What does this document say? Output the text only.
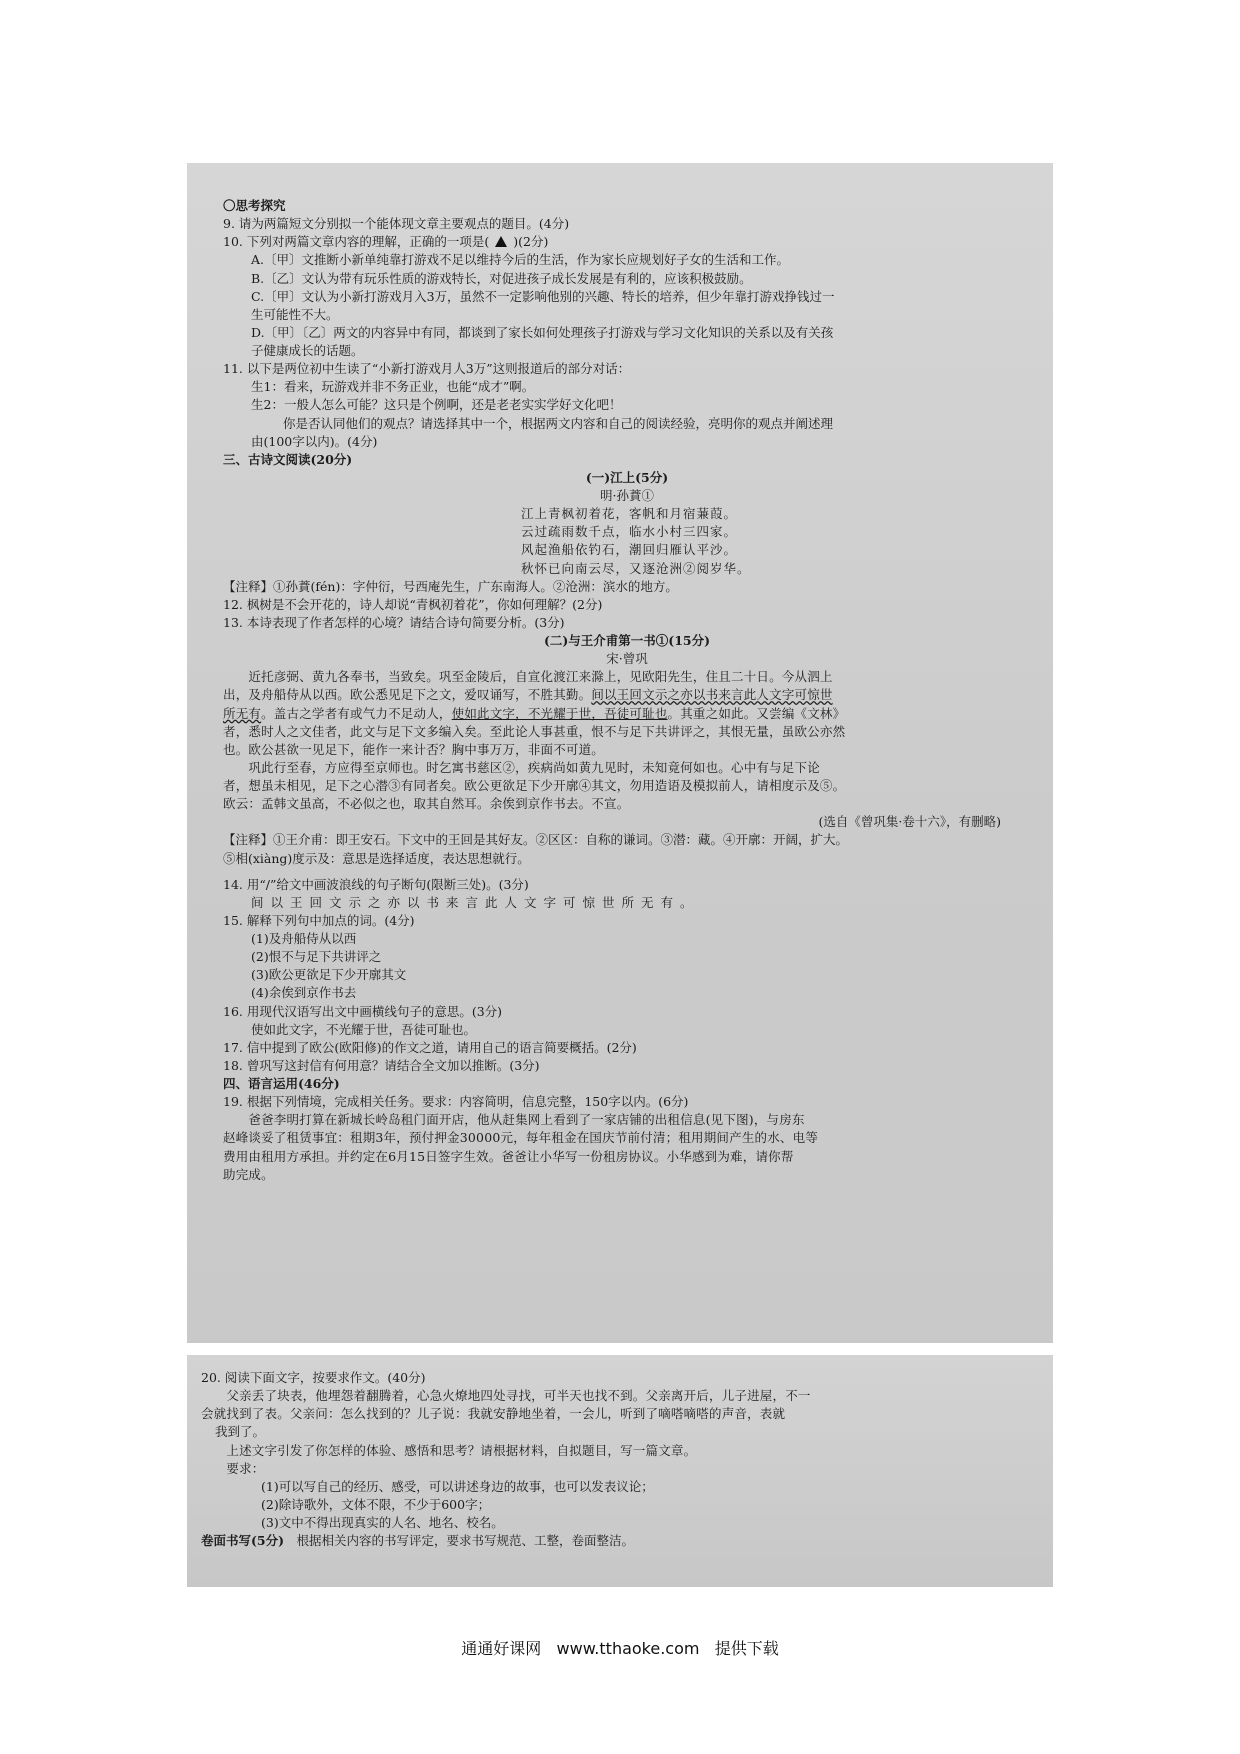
〇思考探究

9. 请为两篇短文分别拟一个能体现文章主要观点的题目。(4分)

10. 下列对两篇文章内容的理解，正确的一项是( )(2分)

A.〔甲〕文推断小新单纯靠打游戏不足以维持今后的生活，作为家长应规划好子女的生活和工作。

B.〔乙〕文认为带有玩乐性质的游戏特长，对促进孩子成长发展是有利的，应该积极鼓励。

C.〔甲〕文认为小新打游戏月入3万，虽然不一定影响他别的兴趣、特长的培养，但少年靠打游戏挣钱过一

生可能性不大。

D.〔甲〕〔乙〕两文的内容异中有同，都谈到了家长如何处理孩子打游戏与学习文化知识的关系以及有关孩

子健康成长的话题。

11. 以下是两位初中生读了“小新打游戏月人3万”这则报道后的部分对话：

生1：看来，玩游戏并非不务正业，也能“成才”啊。

生2：一般人怎么可能？这只是个例啊，还是老老实实学好文化吧！

你是否认同他们的观点？请选择其中一个，根据两文内容和自己的阅读经验，亮明你的观点并阐述理

由(100字以内)。(4分)

三、古诗文阅读(20分)

(一)江上(5分)

明·孙蕡①

江上青枫初着花，客帆和月宿蒹葭。

云过疏雨数千点，临水小村三四家。

风起渔船依钓石，潮回归雁认平沙。

秋怀已向南云尽，又逐沧洲②阅岁华。

【注释】①孙蕡(fén)：字仲衍，号西庵先生，广东南海人。②沧洲：滨水的地方。

12. 枫树是不会开花的，诗人却说“青枫初着花”，你如何理解？(2分)

13. 本诗表现了作者怎样的心境？请结合诗句简要分析。(3分)

(二)与王介甫第一书①(15分)

宋·曾巩

　　近托彦弼、黄九各奉书，当致矣。巩至金陵后，自宣化渡江来滁上，见欧阳先生，住且二十日。今从泗上

出，及舟船侍从以西。欧公悉见足下之文，爱叹诵写，不胜其勤。间以王回文示之亦以书来言此人文字可惊世

所无有。盖古之学者有或气力不足动人，使如此文字，不光耀于世，吾徒可耻也。其重之如此。又尝编《文林》

者，悉时人之文佳者，此文与足下文多编入矣。至此论人事甚重，恨不与足下共讲评之，其恨无量，虽欧公亦然

也。欧公甚欲一见足下，能作一来计否？胸中事万万，非面不可道。

　　巩此行至春，方应得至京师也。时乞寓书慈区②，疾病尚如黄九见时，未知竟何如也。心中有与足下论

者，想虽未相见，足下之心潜③有同者矣。欧公更欲足下少开廓④其文，勿用造语及模拟前人，请相度示及⑤。

欧云：孟韩文虽高，不必似之也，取其自然耳。余俟到京作书去。不宣。

(选自《曾巩集·卷十六》，有删略)

【注释】①王介甫：即王安石。下文中的王回是其好友。②区区：自称的谦词。③潜：藏。④开廓：开阔，扩大。

⑤相(xiàng)度示及：意思是选择适度，表达思想就行。

14. 用“/”给文中画波浪线的句子断句(限断三处)。(3分)

间以王回文示之亦以书来言此人文字可惊世所无有。

15. 解释下列句中加点的词。(4分)

(1)及舟船侍从以西

(2)恨不与足下共讲评之

(3)欧公更欲足下少开廓其文

(4)余俟到京作书去

16. 用现代汉语写出文中画横线句子的意思。(3分)

使如此文字，不光耀于世，吾徒可耻也。

17. 信中提到了欧公(欧阳修)的作文之道，请用自己的语言简要概括。(2分)

18. 曾巩写这封信有何用意？请结合全文加以推断。(3分)

四、语言运用(46分)

19. 根据下列情境，完成相关任务。要求：内容简明，信息完整，150字以内。(6分)

　　爸爸李明打算在新城长岭岛租门面开店，他从赶集网上看到了一家店铺的出租信息(见下图)，与房东

赵峰谈妥了租赁事宜：租期3年，预付押金30000元，每年租金在国庆节前付清；租用期间产生的水、电等

费用由租用方承担。并约定在6月15日签字生效。爸爸让小华写一份租房协议。小华感到为难，请你帮

助完成。

20. 阅读下面文字，按要求作文。(40分)

　　父亲丢了块表，他埋怨着翻腾着，心急火燎地四处寻找，可半天也找不到。父亲离开后，儿子进屋，不一

会就找到了表。父亲问：怎么找到的？儿子说：我就安静地坐着，一会儿，听到了嘀嗒嘀嗒的声音，表就

我到了。

　　上述文字引发了你怎样的体验、感悟和思考？请根据材料，自拟题目，写一篇文章。

　　要求：

(1)可以写自己的经历、感受，可以讲述身边的故事，也可以发表议论；

(2)除诗歌外，文体不限，不少于600字；

(3)文中不得出现真实的人名、地名、校名。

卷面书写(5分)　 根据相关内容的书写评定，要求书写规范、工整，卷面整洁。

通通好课网 www.tthaoke.com 提供下载
